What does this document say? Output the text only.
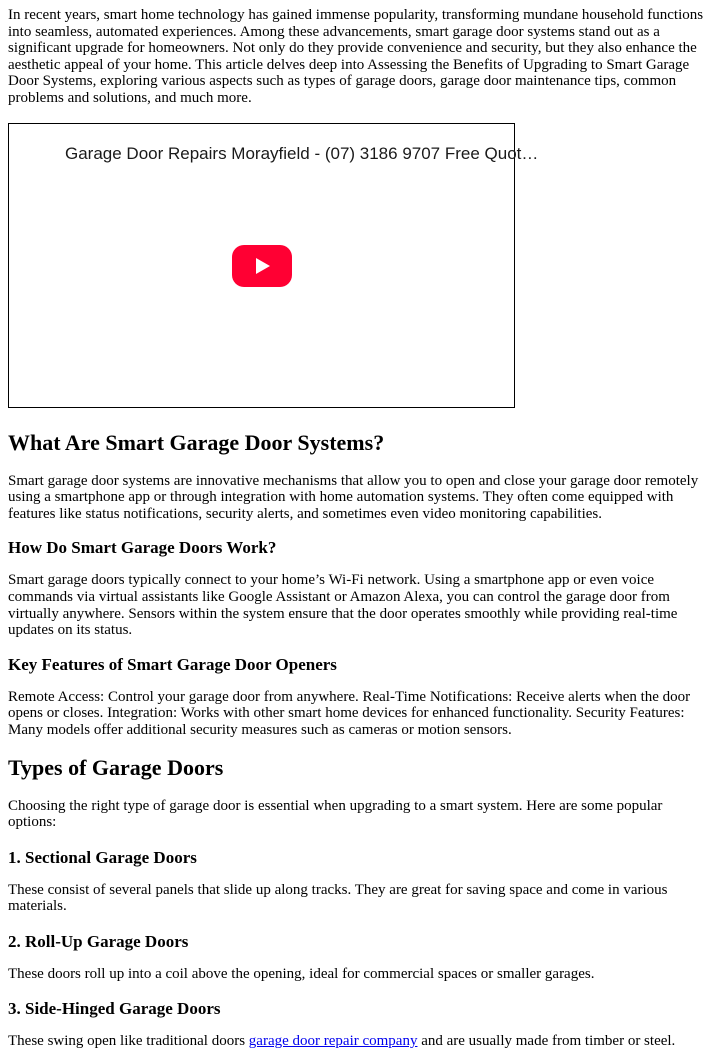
In recent years, smart home technology has gained immense popularity, transforming mundane household functions into seamless, automated experiences. Among these advancements, smart garage door systems stand out as a significant upgrade for homeowners. Not only do they provide convenience and security, but they also enhance the aesthetic appeal of your home. This article delves deep into Assessing the Benefits of Upgrading to Smart Garage Door Systems, exploring various aspects such as types of garage doors, garage door maintenance tips, common problems and solutions, and much more.

Garage Door Repairs Morayfield - (07) 3186 9707 Free Quot…
What Are Smart Garage Door Systems?

Smart garage door systems are innovative mechanisms that allow you to open and close your garage door remotely using a smartphone app or through integration with home automation systems. They often come equipped with features like status notifications, security alerts, and sometimes even video monitoring capabilities.

How Do Smart Garage Doors Work?

Smart garage doors typically connect to your home’s Wi-Fi network. Using a smartphone app or even voice commands via virtual assistants like Google Assistant or Amazon Alexa, you can control the garage door from virtually anywhere. Sensors within the system ensure that the door operates smoothly while providing real-time updates on its status.

Key Features of Smart Garage Door Openers

Remote Access: Control your garage door from anywhere. Real-Time Notifications: Receive alerts when the door opens or closes. Integration: Works with other smart home devices for enhanced functionality. Security Features: Many models offer additional security measures such as cameras or motion sensors.

Types of Garage Doors

Choosing the right type of garage door is essential when upgrading to a smart system. Here are some popular options:

1. Sectional Garage Doors

These consist of several panels that slide up along tracks. They are great for saving space and come in various materials.

2. Roll-Up Garage Doors

These doors roll up into a coil above the opening, ideal for commercial spaces or smaller garages.

3. Side-Hinged Garage Doors

These swing open like traditional doors garage door repair company and are usually made from timber or steel.
